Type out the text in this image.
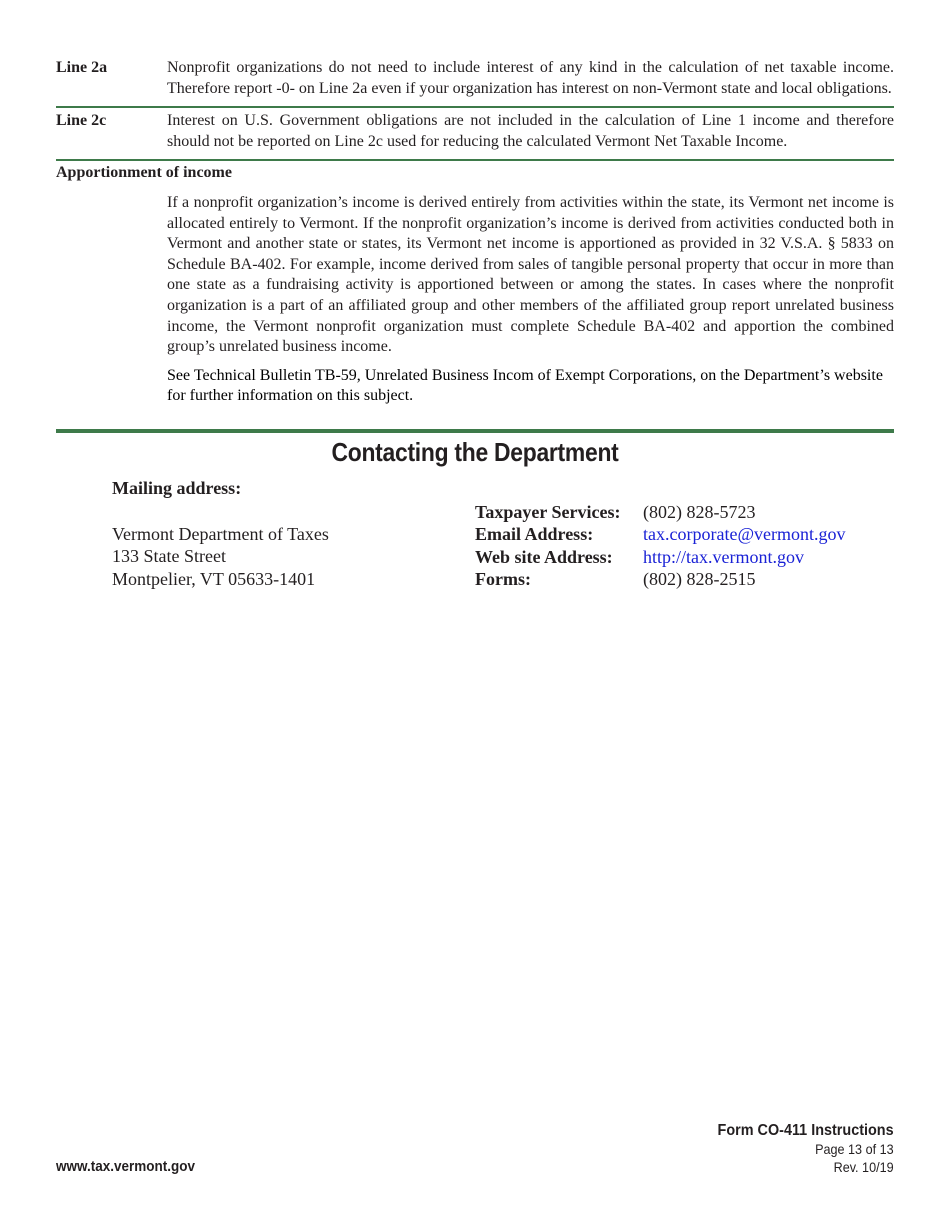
Line 2a	Nonprofit organizations do not need to include interest of any kind in the calculation of net taxable income. Therefore report -0- on Line 2a even if your organization has interest on non-Vermont state and local obligations.
Line 2c	Interest on U.S. Government obligations are not included in the calculation of Line 1 income and therefore should not be reported on Line 2c used for reducing the calculated Vermont Net Taxable Income.
Apportionment of income

If a nonprofit organization’s income is derived entirely from activities within the state, its Vermont net income is allocated entirely to Vermont. If the nonprofit organization’s income is derived from activities conducted both in Vermont and another state or states, its Vermont net income is apportioned as provided in 32 V.S.A. § 5833 on Schedule BA-402. For example, income derived from sales of tangible personal property that occur in more than one state as a fundraising activity is apportioned between or among the states. In cases where the nonprofit organization is a part of an affiliated group and other members of the affiliated group report unrelated business income, the Vermont nonprofit organization must complete Schedule BA-402 and apportion the combined group’s unrelated business income.

See Technical Bulletin TB-59, Unrelated Business Incom of Exempt Corporations, on the Department’s website for further information on this subject.

Contacting the Department
Mailing address:
Vermont Department of Taxes
133 State Street
Montpelier, VT 05633-1401
Taxpayer Services:	(802) 828-5723
Email Address:	tax.corporate@vermont.gov
Web site Address:	http://tax.vermont.gov
Forms:	(802) 828-2515
www.tax.vermont.gov
Form CO-411 Instructions
Page 13 of 13
Rev. 10/19
